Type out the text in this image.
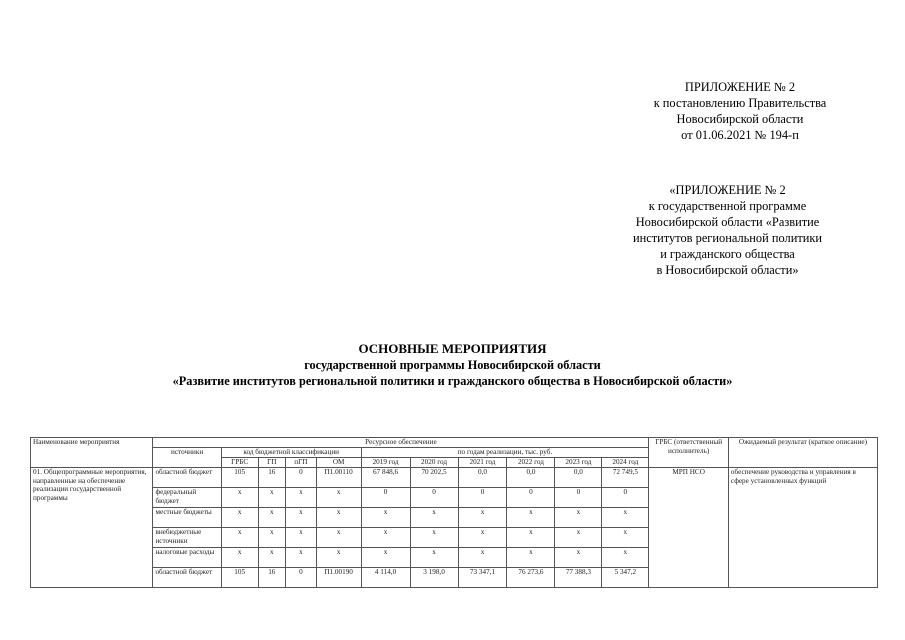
ПРИЛОЖЕНИЕ № 2
к постановлению Правительства
Новосибирской области
от 01.06.2021 № 194-п
«ПРИЛОЖЕНИЕ № 2
к государственной программе
Новосибирской области «Развитие
институтов региональной политики
и гражданского общества
в Новосибирской области»
ОСНОВНЫЕ МЕРОПРИЯТИЯ
государственной программы Новосибирской области
«Развитие институтов региональной политики и гражданского общества в Новосибирской области»
Наименование мероприятия	Ресурсное обеспечение											ГРБС (ответственный исполнитель)	Ожидаемый результат (краткое описание)
	источники	код бюджетной классификации				по годам реализации, тыс. руб.							
		ГРБС	ГП	пГП	ОМ	2019 год	2020 год	2021 год	2022 год	2023 год	2024 год		
01. Общепрограммные мероприятия, направленные на обеспечение реализации государственной программы	областной бюджет	105	16	0	П1.00110	67 848,6	70 202,5	0,0	0,0	0,0	72 749,5	МРП НСО	обеспечение руководства и управления в сфере установленных функций
	федеральный бюджет	x	x	x	x	0	0	0	0	0	0		
	местные бюджеты	x	x	x	x	x	x	x	x	x	x		
	внебюджетные источники	x	x	x	x	x	x	x	x	x	x		
	налоговые расходы	x	x	x	x	x	x	x	x	x	x		
	областной бюджет	105	16	0	П1.00190	4 114,0	3 198,0	73 347,1	76 273,6	77 388,3	5 347,2		
